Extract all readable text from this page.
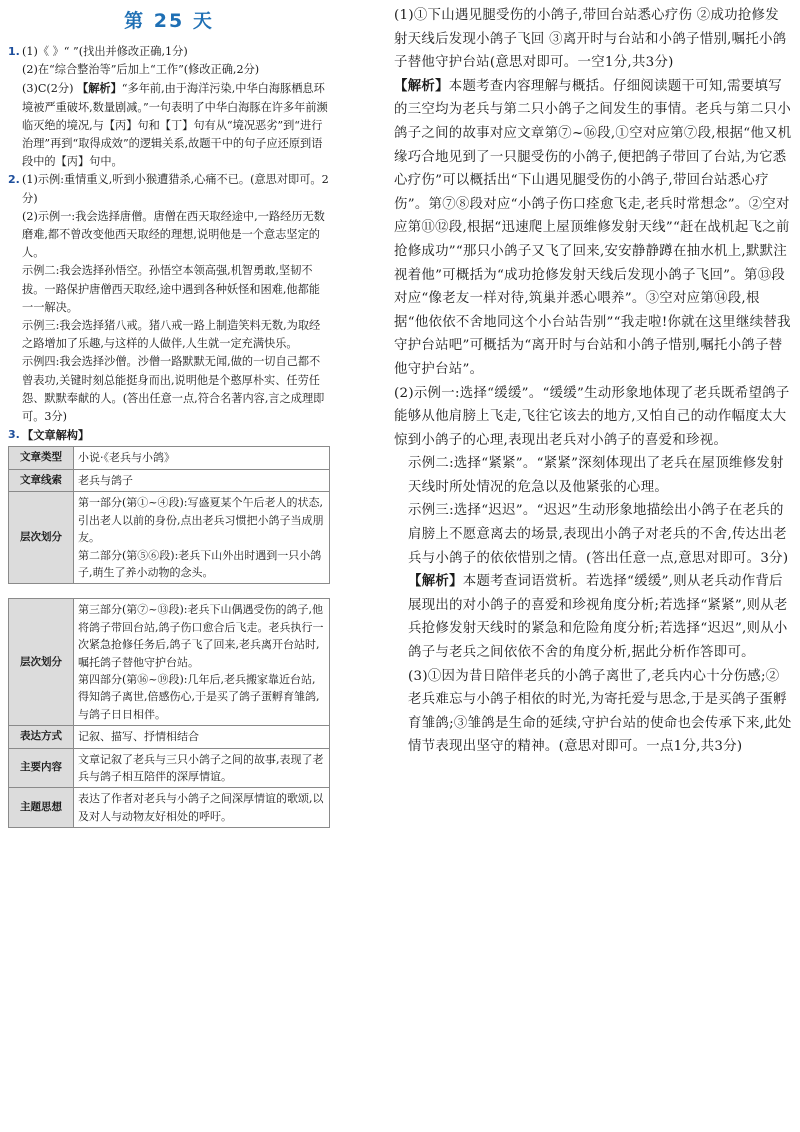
第 25 天
1. (1)《 》“ ”(找出并修改正确,1分)

(2)在“综合整治等”后加上“工作”(修改正确,2分)

(3)C(2分) 【解析】“多年前,由于海洋污染,中华白海豚栖息环境被严重破坏,数量剧减。”一句表明了中华白海豚在许多年前濒临灭绝的境况,与【丙】句和【丁】句有从“境况恶劣”到“进行治理”再到“取得成效”的逻辑关系,故题干中的句子应还原到语段中的【丙】句中。

2. (1)示例:重情重义,听到小猴遭猎杀,心痛不已。(意思对即可。2分)

(2)示例一:我会选择唐僧。唐僧在西天取经途中,一路经历无数磨难,都不曾改变他西天取经的理想,说明他是一个意志坚定的人。

示例二:我会选择孙悟空。孙悟空本领高强,机智勇敢,坚韧不拔。一路保护唐僧西天取经,途中遇到各种妖怪和困难,他都能一一解决。

示例三:我会选择猪八戒。猪八戒一路上制造笑料无数,为取经之路增加了乐趣,与这样的人做伴,人生就一定充满快乐。

示例四:我会选择沙僧。沙僧一路默默无闻,做的一切自己都不曾表功,关键时刻总能挺身而出,说明他是个憨厚朴实、任劳任怨、默默奉献的人。(答出任意一点,符合名著内容,言之成理即可。3分)

3. 【文章解构】

文章类型	小说·《老兵与小鸽》
文章线索	老兵与鸽子
层次划分	第一部分(第①~④段):写盛夏某个午后老人的状态,引出老人以前的身份,点出老兵习惯把小鸽子当成朋友。
第二部分(第⑤⑥段):老兵下山外出时遇到一只小鸽子,萌生了养小动物的念头。
层次划分	第三部分(第⑦~⑬段):老兵下山偶遇受伤的鸽子,他将鸽子带回台站,鸽子伤口愈合后飞走。老兵执行一次紧急抢修任务后,鸽子飞了回来,老兵离开台站时,嘱托鸽子替他守护台站。
第四部分(第⑯~⑲段):几年后,老兵搬家靠近台站,得知鸽子离世,倍感伤心,于是买了鸽子蛋孵育雏鸽,与鸽子日日相伴。

表达方式	记叙、描写、抒情相结合
主要内容	文章记叙了老兵与三只小鸽子之间的故事,表现了老兵与鸽子相互陪伴的深厚情谊。
主题思想	表达了作者对老兵与小鸽子之间深厚情谊的歌颂,以及对人与动物友好相处的呼吁。

(1)①下山遇见腿受伤的小鸽子,带回台站悉心疗伤 ②成功抢修发射天线后发现小鸽子飞回 ③离开时与台站和小鸽子惜别,嘱托小鸽子替他守护台站(意思对即可。一空1分,共3分)

【解析】本题考查内容理解与概括。仔细阅读题干可知,需要填写的三空均为老兵与第二只小鸽子之间发生的事情。老兵与第二只小鸽子之间的故事对应文章第⑦~⑯段,①空对应第⑦段,根据“他又机缘巧合地见到了一只腿受伤的小鸽子,便把鸽子带回了台站,为它悉心疗伤”可以概括出“下山遇见腿受伤的小鸽子,带回台站悉心疗伤”。第⑦⑧段对应“小鸽子伤口痊愈飞走,老兵时常想念”。②空对应第⑪⑫段,根据“迅速爬上屋顶维修发射天线”“赶在战机起飞之前抢修成功”“那只小鸽子又飞了回来,安安静静蹲在抽水机上,默默注视着他”可概括为“成功抢修发射天线后发现小鸽子飞回”。第⑬段对应“像老友一样对待,筑巢并悉心喂养”。③空对应第⑭段,根据“他依依不舍地同这个小台站告别”“我走啦!你就在这里继续替我守护台站吧”可概括为“离开时与台站和小鸽子惜别,嘱托小鸽子替他守护台站”。

(2)示例一:选择“缓缓”。“缓缓”生动形象地体现了老兵既希望鸽子能够从他肩膀上飞走,飞往它该去的地方,又怕自己的动作幅度太大惊到小鸽子的心理,表现出老兵对小鸽子的喜爱和珍视。

示例二:选择“紧紧”。“紧紧”深刻体现出了老兵在屋顶维修发射天线时所处情况的危急以及他紧张的心理。

示例三:选择“迟迟”。“迟迟”生动形象地描绘出小鸽子在老兵的肩膀上不愿意离去的场景,表现出小鸽子对老兵的不舍,传达出老兵与小鸽子的依依惜别之情。(答出任意一点,意思对即可。3分)

【解析】本题考查词语赏析。若选择“缓缓”,则从老兵动作背后展现出的对小鸽子的喜爱和珍视角度分析;若选择“紧紧”,则从老兵抢修发射天线时的紧急和危险角度分析;若选择“迟迟”,则从小鸽子与老兵之间依依不舍的角度分析,据此分析作答即可。

(3)①因为昔日陪伴老兵的小鸽子离世了,老兵内心十分伤感;②老兵难忘与小鸽子相依的时光,为寄托爱与思念,于是买鸽子蛋孵育雏鸽;③雏鸽是生命的延续,守护台站的使命也会传承下来,此处情节表现出坚守的精神。(意思对即可。一点1分,共3分)
